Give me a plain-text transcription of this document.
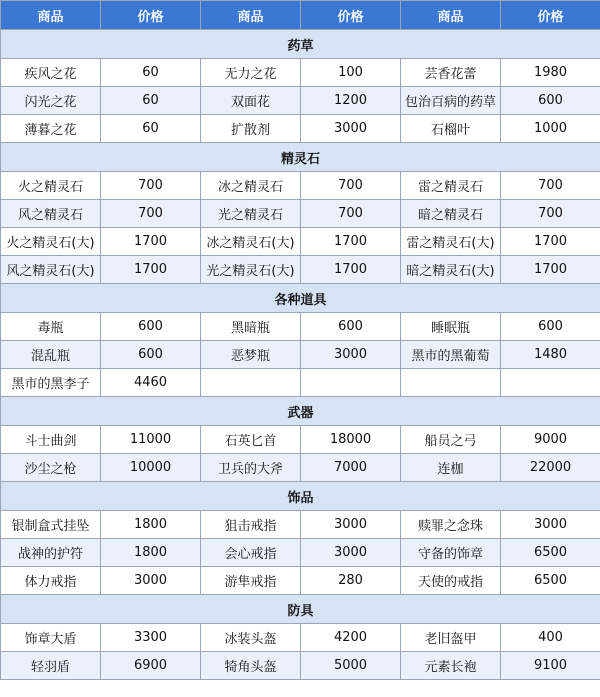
商品	价格	商品	价格	商品	价格
药草					
疾风之花	60	无力之花	100	芸香花蕾	1980
闪光之花	60	双面花	1200	包治百病的药草	600
薄暮之花	60	扩散剂	3000	石榴叶	1000
精灵石					
火之精灵石	700	冰之精灵石	700	雷之精灵石	700
风之精灵石	700	光之精灵石	700	暗之精灵石	700
火之精灵石(大)	1700	冰之精灵石(大)	1700	雷之精灵石(大)	1700
风之精灵石(大)	1700	光之精灵石(大)	1700	暗之精灵石(大)	1700
各种道具					
毒瓶	600	黑暗瓶	600	睡眠瓶	600
混乱瓶	600	恶梦瓶	3000	黑市的黑葡萄	1480
黑市的黑李子	4460				
武器					
斗士曲剑	11000	石英匕首	18000	船员之弓	9000
沙尘之枪	10000	卫兵的大斧	7000	连枷	22000
饰品					
银制盒式挂坠	1800	狙击戒指	3000	赎罪之念珠	3000
战神的护符	1800	会心戒指	3000	守备的饰章	6500
体力戒指	3000	游隼戒指	280	天使的戒指	6500
防具					
饰章大盾	3300	冰装头盔	4200	老旧盔甲	400
轻羽盾	6900	犄角头盔	5000	元素长袍	9100
